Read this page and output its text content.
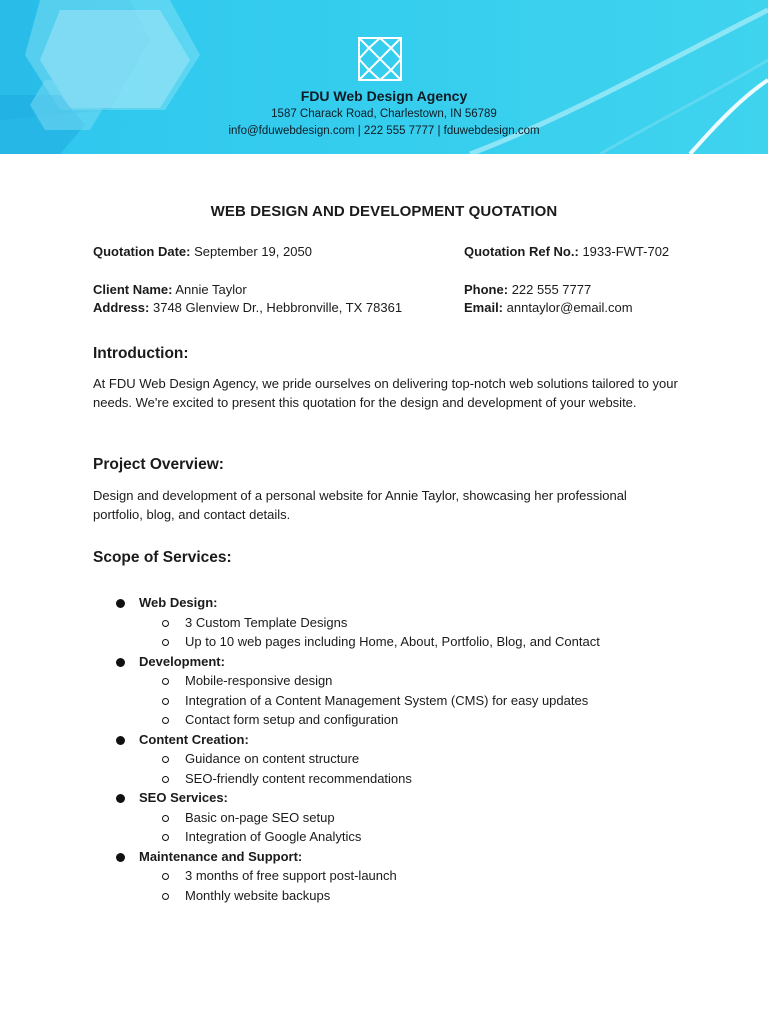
FDU Web Design Agency
1587 Charack Road, Charlestown, IN 56789
info@fduwebdesign.com | 222 555 7777 | fduwebdesign.com
WEB DESIGN AND DEVELOPMENT QUOTATION
Quotation Date: September 19, 2050	Quotation Ref No.: 1933-FWT-702
Client Name: Annie Taylor	Phone: 222 555 7777
Address: 3748 Glenview Dr., Hebbronville, TX 78361	Email: anntaylor@email.com
Introduction:

At FDU Web Design Agency, we pride ourselves on delivering top-notch web solutions tailored to your needs. We're excited to present this quotation for the design and development of your website.

Project Overview:

Design and development of a personal website for Annie Taylor, showcasing her professional portfolio, blog, and contact details.

Scope of Services:
Web Design:
3 Custom Template Designs
Up to 10 web pages including Home, About, Portfolio, Blog, and Contact
Development:
Mobile-responsive design
Integration of a Content Management System (CMS) for easy updates
Contact form setup and configuration
Content Creation:
Guidance on content structure
SEO-friendly content recommendations
SEO Services:
Basic on-page SEO setup
Integration of Google Analytics
Maintenance and Support:
3 months of free support post-launch
Monthly website backups
